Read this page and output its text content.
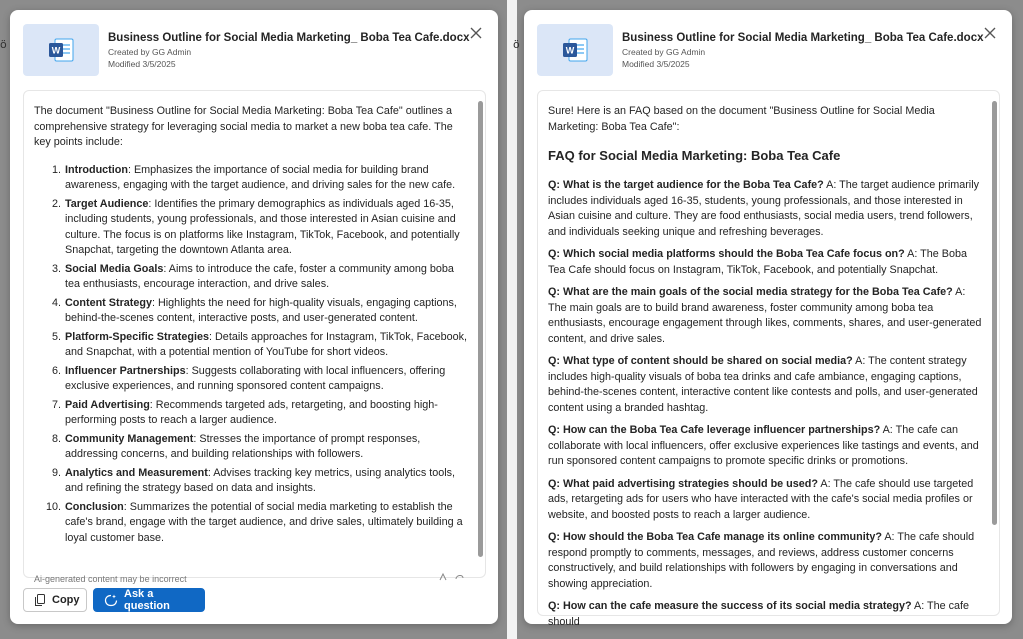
ö	ö
W
Business Outline for Social Media Marketing_ Boba Tea Cafe.docx
Created by GG Admin
Modified 3/5/2025

The document "Business Outline for Social Media Marketing: Boba Tea Cafe" outlines a comprehensive strategy for leveraging social media to market a new boba tea cafe. The key points include:

1. Introduction: Emphasizes the importance of social media for building brand awareness, engaging with the target audience, and driving sales for the new cafe.
2. Target Audience: Identifies the primary demographics as individuals aged 16-35, including students, young professionals, and those interested in Asian cuisine and culture. The focus is on platforms like Instagram, TikTok, Facebook, and potentially Snapchat, targeting the downtown Atlanta area.
3. Social Media Goals: Aims to introduce the cafe, foster a community among boba tea enthusiasts, encourage interaction, and drive sales.
4. Content Strategy: Highlights the need for high-quality visuals, engaging captions, behind-the-scenes content, interactive posts, and user-generated content.
5. Platform-Specific Strategies: Details approaches for Instagram, TikTok, Facebook, and Snapchat, with a potential mention of YouTube for short videos.
6. Influencer Partnerships: Suggests collaborating with local influencers, offering exclusive experiences, and running sponsored content campaigns.
7. Paid Advertising: Recommends targeted ads, retargeting, and boosting high-performing posts to reach a larger audience.
8. Community Management: Stresses the importance of prompt responses, addressing concerns, and building relationships with followers.
9. Analytics and Measurement: Advises tracking key metrics, using analytics tools, and refining the strategy based on data and insights.
10. Conclusion: Summarizes the potential of social media marketing to establish the cafe's brand, engage with the target audience, and drive sales, ultimately building a loyal customer base.
Ai-generated content may be incorrect
Copy	Ask a question
W
Business Outline for Social Media Marketing_ Boba Tea Cafe.docx
Created by GG Admin
Modified 3/5/2025

Sure! Here is an FAQ based on the document "Business Outline for Social Media Marketing: Boba Tea Cafe":

FAQ for Social Media Marketing: Boba Tea Cafe
Q: What is the target audience for the Boba Tea Cafe? A: The target audience primarily includes individuals aged 16-35, students, young professionals, and those interested in Asian cuisine and culture. They are food enthusiasts, social media users, trend followers, and individuals seeking unique and refreshing beverages.
Q: Which social media platforms should the Boba Tea Cafe focus on? A: The Boba Tea Cafe should focus on Instagram, TikTok, Facebook, and potentially Snapchat.
Q: What are the main goals of the social media strategy for the Boba Tea Cafe? A: The main goals are to build brand awareness, foster community among boba tea enthusiasts, encourage engagement through likes, comments, shares, and user-generated content, and drive sales.
Q: What type of content should be shared on social media? A: The content strategy includes high-quality visuals of boba tea drinks and cafe ambiance, engaging captions, behind-the-scenes content, interactive content like contests and polls, and user-generated content using a branded hashtag.
Q: How can the Boba Tea Cafe leverage influencer partnerships? A: The cafe can collaborate with local influencers, offer exclusive experiences like tastings and events, and run sponsored content campaigns to promote specific drinks or promotions.
Q: What paid advertising strategies should be used? A: The cafe should use targeted ads, retargeting ads for users who have interacted with the cafe's social media profiles or website, and boosted posts to reach a larger audience.
Q: How should the Boba Tea Cafe manage its online community? A: The cafe should respond promptly to comments, messages, and reviews, address customer concerns constructively, and build relationships with followers by engaging in conversations and showing appreciation.
Q: How can the cafe measure the success of its social media strategy? A: The cafe should
